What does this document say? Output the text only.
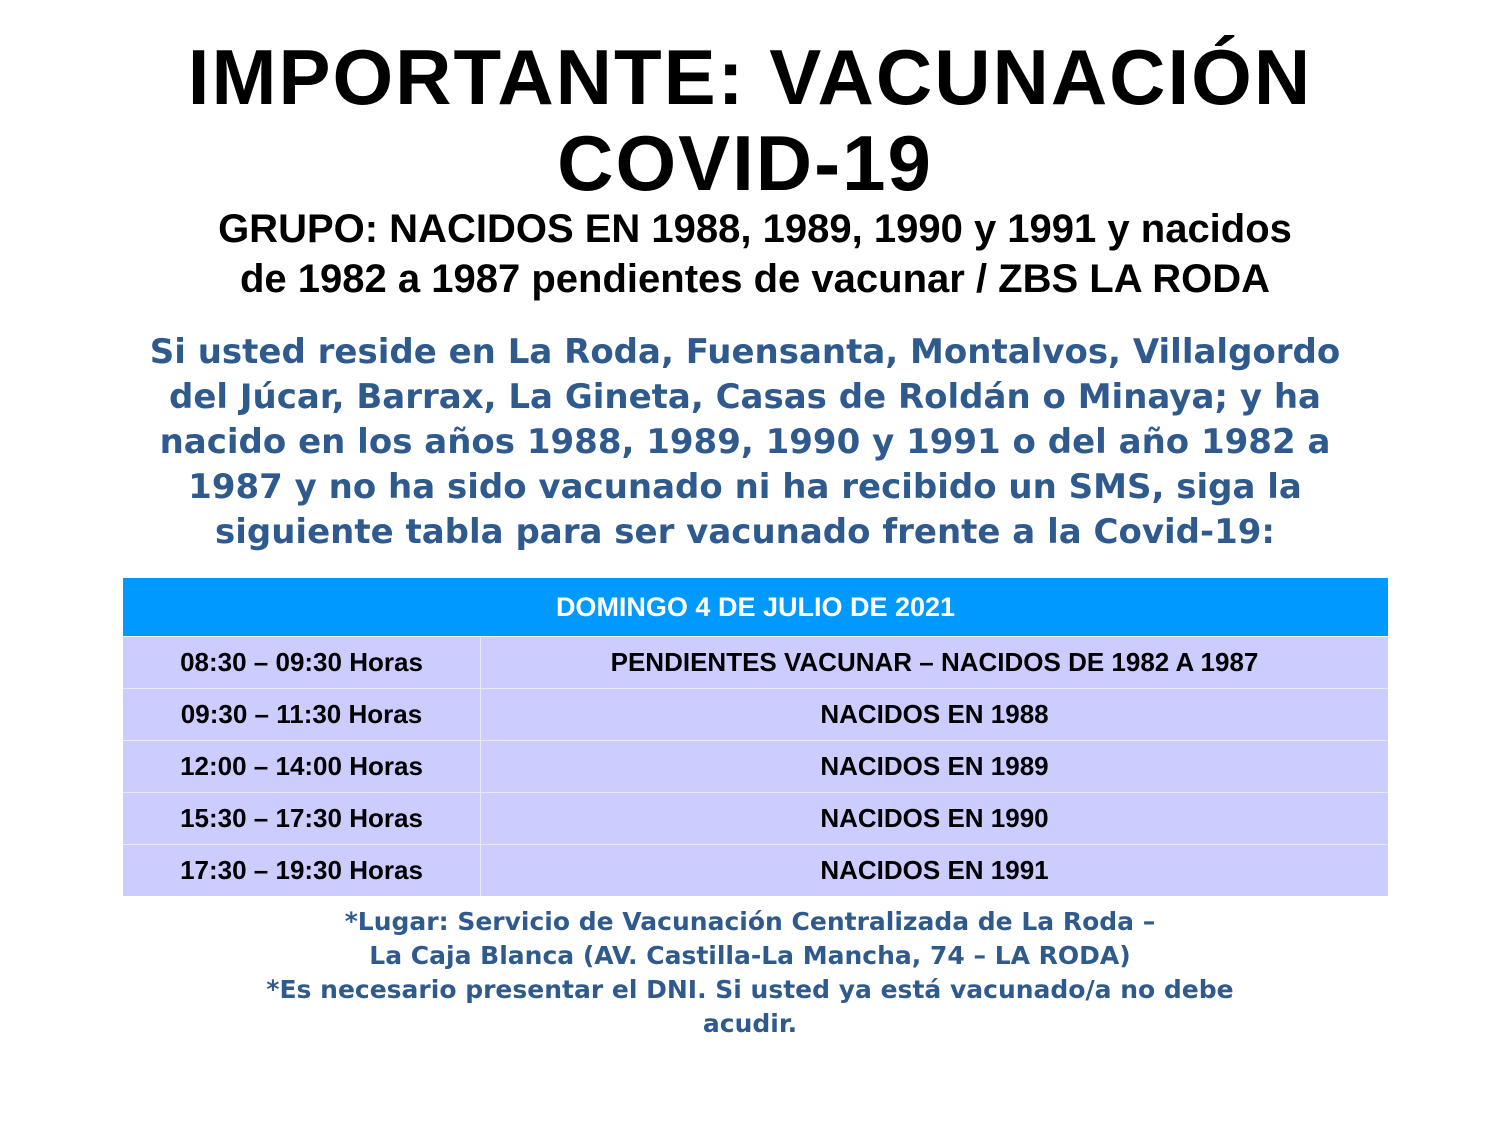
IMPORTANTE: VACUNACIÓN
COVID-19

GRUPO: NACIDOS EN 1988, 1989, 1990 y 1991 y nacidos
de 1982 a 1987 pendientes de vacunar / ZBS LA RODA

Si usted reside en La Roda, Fuensanta, Montalvos, Villalgordo
del Júcar, Barrax, La Gineta, Casas de Roldán o Minaya; y ha
nacido en los años 1988, 1989, 1990 y 1991 o del año 1982 a
1987 y no ha sido vacunado ni ha recibido un SMS, siga la
siguiente tabla para ser vacunado frente a la Covid-19:

DOMINGO 4 DE JULIO DE 2021	
08:30 – 09:30 Horas	PENDIENTES VACUNAR – NACIDOS DE 1982 A 1987
09:30 – 11:30 Horas	NACIDOS EN 1988
12:00 – 14:00 Horas	NACIDOS EN 1989
15:30 – 17:30 Horas	NACIDOS EN 1990
17:30 – 19:30 Horas	NACIDOS EN 1991

*Lugar: Servicio de Vacunación Centralizada de La Roda –
La Caja Blanca (AV. Castilla-La Mancha, 74 – LA RODA)
*Es necesario presentar el DNI. Si usted ya está vacunado/a no debe
acudir.
